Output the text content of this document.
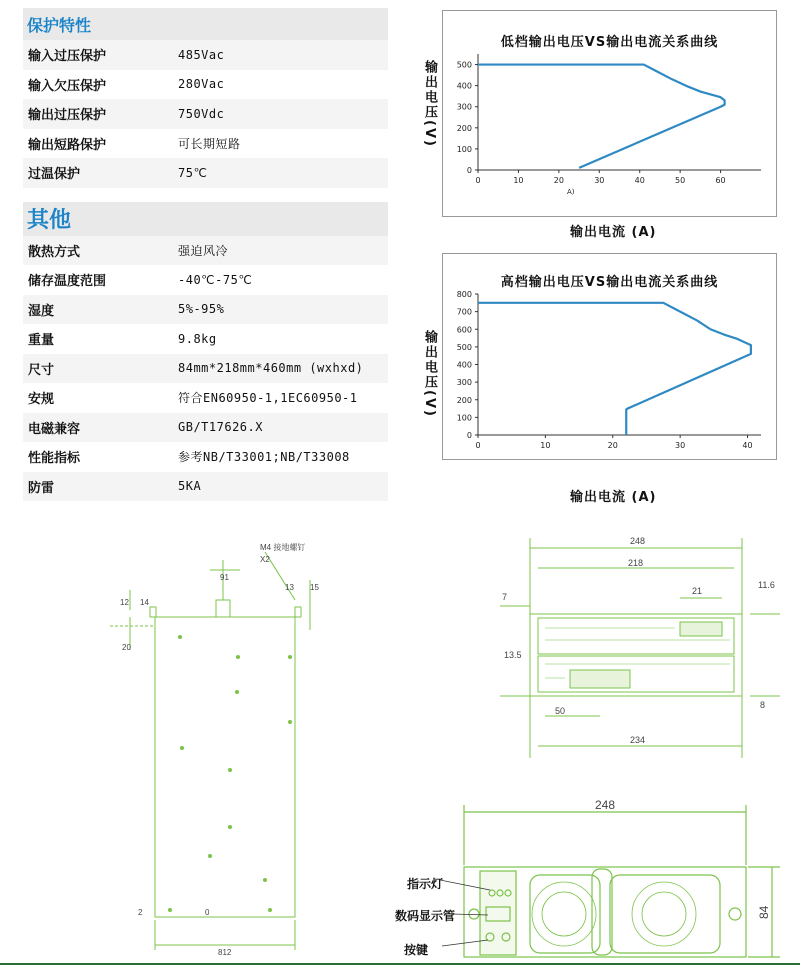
保护特性
输入过压保护	485Vac
输入欠压保护	280Vac
输出过压保护	750Vdc
输出短路保护	可长期短路
过温保护	75℃
其他
散热方式	强迫风冷
储存温度范围	-40℃-75℃
湿度	5%-95%
重量	9.8kg
尺寸	84mm*218mm*460mm (wxhxd)
安规	符合EN60950-1,1EC60950-1
电磁兼容	GB/T17626.X
性能指标	参考NB/T33001;NB/T33008
防雷	5KA
低档输出电压VS输出电流关系曲线
0
100
200
300
400
500
0	10	20	30	40	50	60
A)
输出电压(V)
输出电流 (A)
高档输出电压VS输出电流关系曲线
0
100
200
300
400
500
600
700
800
0	10	20	30	40
输出电压(V)
输出电流 (A)
91
15
20
812
12 14
13
2	0
M4 接地螺钉
X2
248
218
21
11.6
7
13.5
50
8
234
248
84
指示灯
数码显示管
按键
